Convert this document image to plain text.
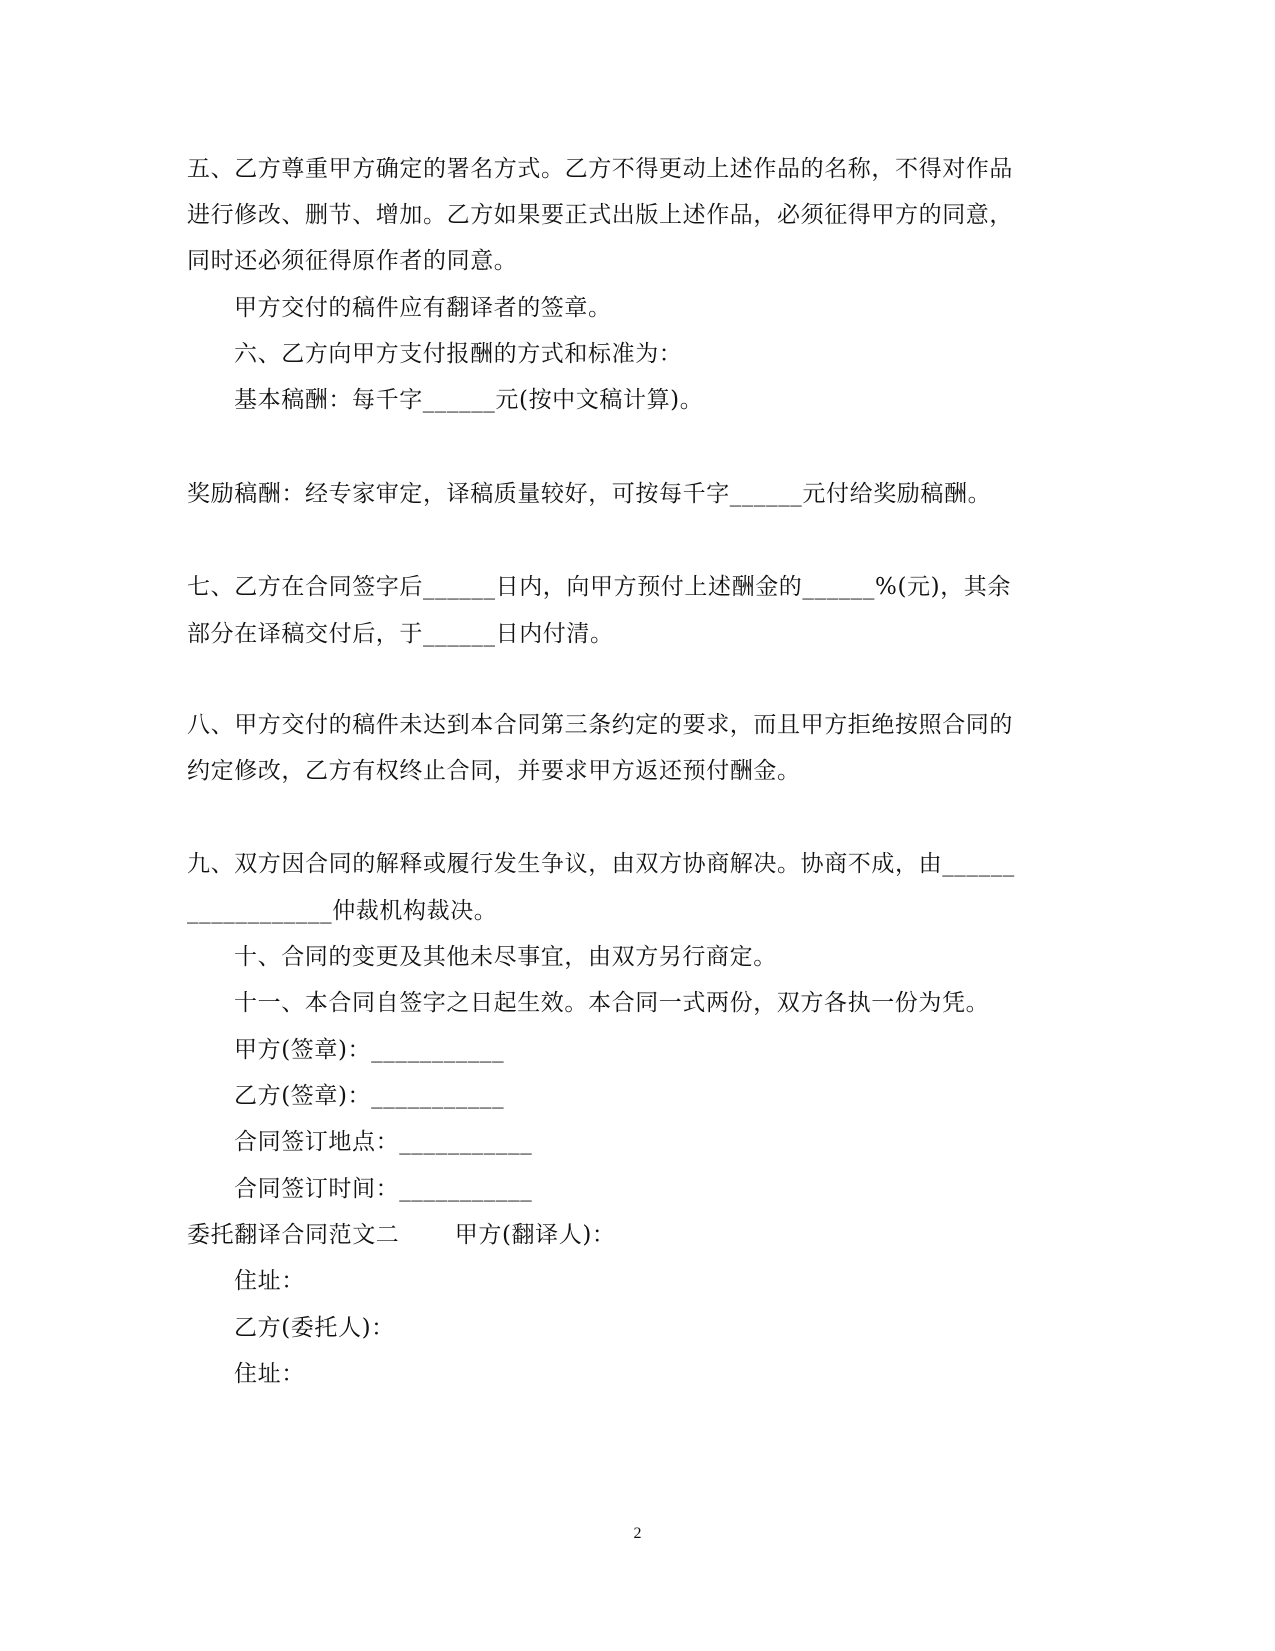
五、乙方尊重甲方确定的署名方式。乙方不得更动上述作品的名称，不得对作品
进行修改、删节、增加。乙方如果要正式出版上述作品，必须征得甲方的同意，
同时还必须征得原作者的同意。
甲方交付的稿件应有翻译者的签章。
六、乙方向甲方支付报酬的方式和标准为：
基本稿酬：每千字______元(按中文稿计算)。
奖励稿酬：经专家审定，译稿质量较好，可按每千字______元付给奖励稿酬。
七、乙方在合同签字后______日内，向甲方预付上述酬金的______%(元)，其余
部分在译稿交付后，于______日内付清。
八、甲方交付的稿件未达到本合同第三条约定的要求，而且甲方拒绝按照合同的
约定修改，乙方有权终止合同，并要求甲方返还预付酬金。
九、双方因合同的解释或履行发生争议，由双方协商解决。协商不成，由______
____________仲裁机构裁决。
十、合同的变更及其他未尽事宜，由双方另行商定。
十一、本合同自签字之日起生效。本合同一式两份，双方各执一份为凭。
甲方(签章)：___________
乙方(签章)：___________
合同签订地点：___________
合同签订时间：___________
委托翻译合同范文二       甲方(翻译人)：
住址：
乙方(委托人)：
住址：
2
